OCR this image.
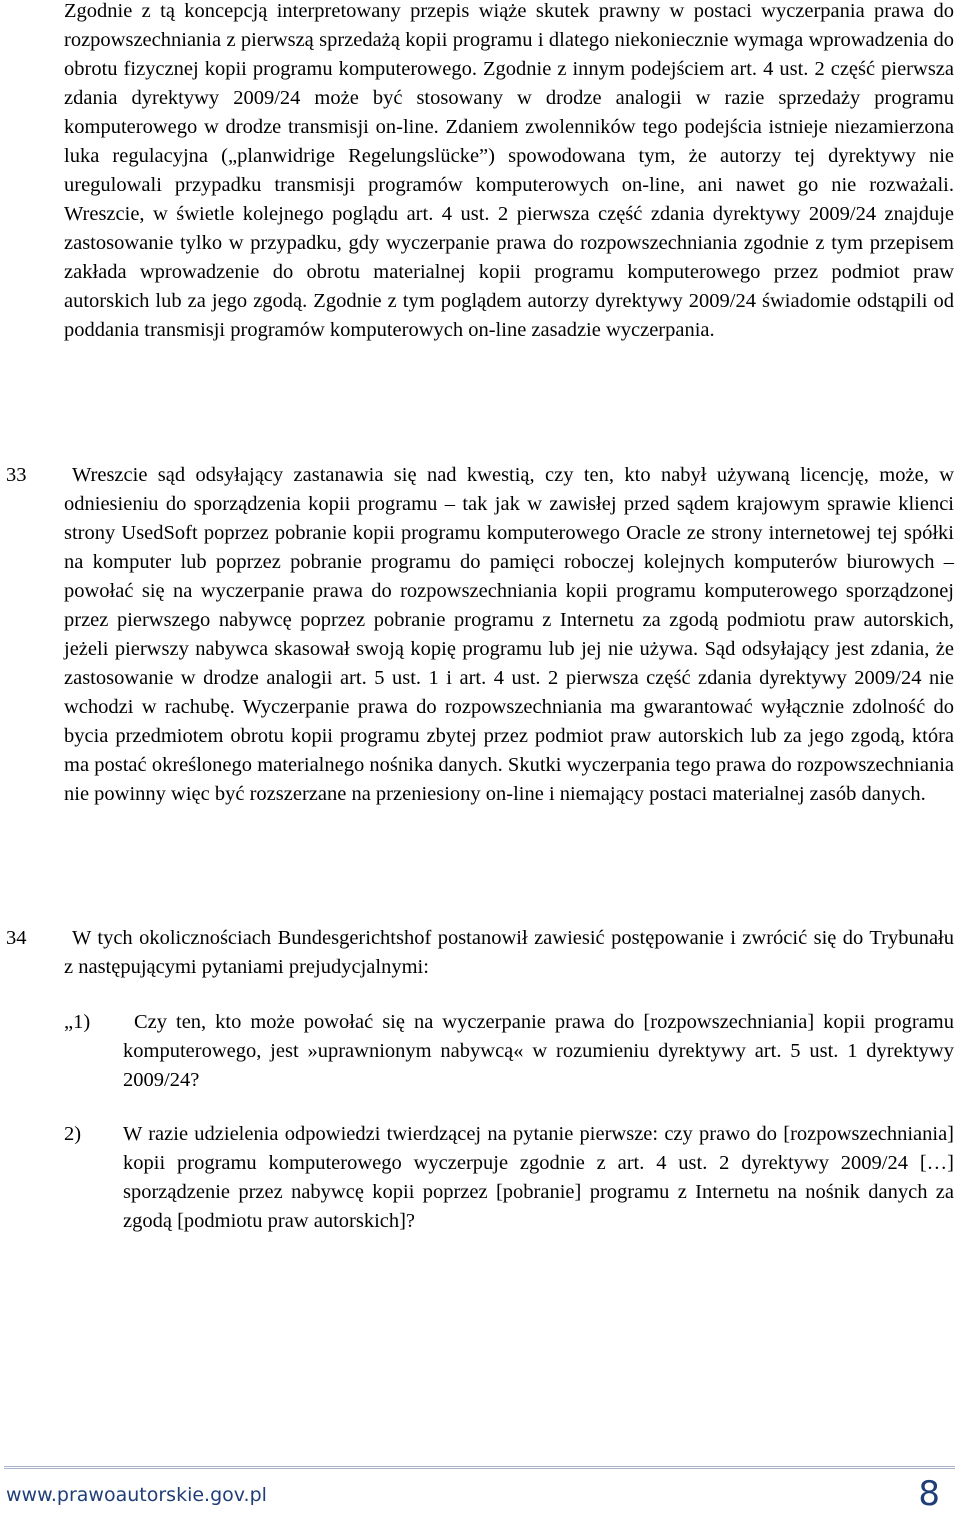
Zgodnie z tą koncepcją interpretowany przepis wiąże skutek prawny w postaci wyczerpania prawa do rozpowszechniania z pierwszą sprzedażą kopii programu i dlatego niekoniecznie wymaga wprowadzenia do obrotu fizycznej kopii programu komputerowego. Zgodnie z innym podejściem art. 4 ust. 2 część pierwsza zdania dyrektywy 2009/24 może być stosowany w drodze analogii w razie sprzedaży programu komputerowego w drodze transmisji on-line. Zdaniem zwolenników tego podejścia istnieje niezamierzona luka regulacyjna („planwidrige Regelungslücke”) spowodowana tym, że autorzy tej dyrektywy nie uregulowali przypadku transmisji programów komputerowych on-line, ani nawet go nie rozważali. Wreszcie, w świetle kolejnego poglądu art. 4 ust. 2 pierwsza część zdania dyrektywy 2009/24 znajduje zastosowanie tylko w przypadku, gdy wyczerpanie prawa do rozpowszechniania zgodnie z tym przepisem zakłada wprowadzenie do obrotu materialnej kopii programu komputerowego przez podmiot praw autorskich lub za jego zgodą. Zgodnie z tym poglądem autorzy dyrektywy 2009/24 świadomie odstąpili od poddania transmisji programów komputerowych on-line zasadzie wyczerpania.

33	Wreszcie sąd odsyłający zastanawia się nad kwestią, czy ten, kto nabył używaną licencję, może, w odniesieniu do sporządzenia kopii programu – tak jak w zawisłej przed sądem krajowym sprawie klienci strony UsedSoft poprzez pobranie kopii programu komputerowego Oracle ze strony internetowej tej spółki na komputer lub poprzez pobranie programu do pamięci roboczej kolejnych komputerów biurowych – powołać się na wyczerpanie prawa do rozpowszechniania kopii programu komputerowego sporządzonej przez pierwszego nabywcę poprzez pobranie programu z Internetu za zgodą podmiotu praw autorskich, jeżeli pierwszy nabywca skasował swoją kopię programu lub jej nie używa. Sąd odsyłający jest zdania, że zastosowanie w drodze analogii art. 5 ust. 1 i art. 4 ust. 2 pierwsza część zdania dyrektywy 2009/24 nie wchodzi w rachubę. Wyczerpanie prawa do rozpowszechniania ma gwarantować wyłącznie zdolność do bycia przedmiotem obrotu kopii programu zbytej przez podmiot praw autorskich lub za jego zgodą, która ma postać określonego materialnego nośnika danych. Skutki wyczerpania tego prawa do rozpowszechniania nie powinny więc być rozszerzane na przeniesiony on-line i niemający postaci materialnej zasób danych.

34	W tych okolicznościach Bundesgerichtshof postanowił zawiesić postępowanie i zwrócić się do Trybunału z następującymi pytaniami prejudycjalnymi:

„1)	Czy ten, kto może powołać się na wyczerpanie prawa do [rozpowszechniania] kopii programu komputerowego, jest »uprawnionym nabywcą« w rozumieniu dyrektywy art. 5 ust. 1 dyrektywy 2009/24?

2) W razie udzielenia odpowiedzi twierdzącej na pytanie pierwsze: czy prawo do [rozpowszechniania] kopii programu komputerowego wyczerpuje zgodnie z art. 4 ust. 2 dyrektywy 2009/24 […] sporządzenie przez nabywcę kopii poprzez [pobranie] programu z Internetu na nośnik danych za zgodą [podmiotu praw autorskich]?

www.prawoautorskie.gov.pl	8
